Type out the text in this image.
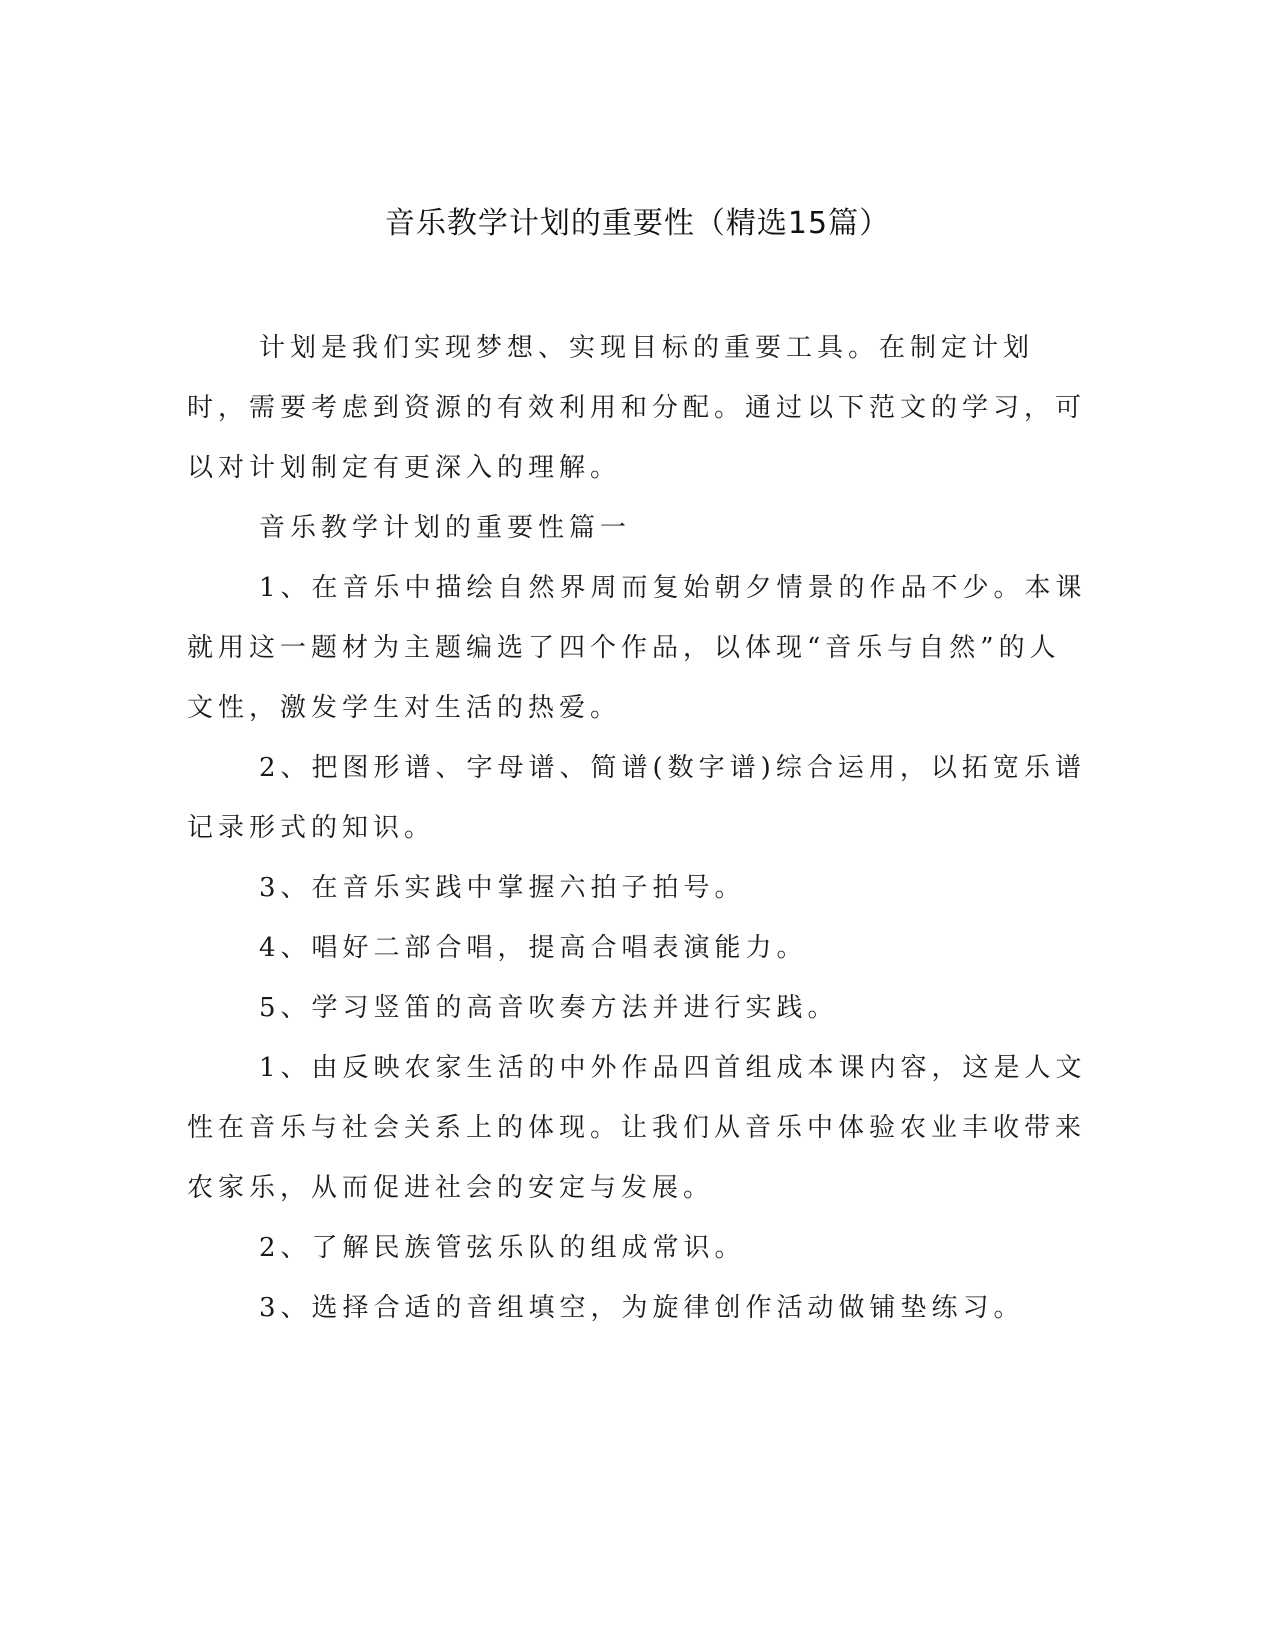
音乐教学计划的重要性（精选15篇）

计划是我们实现梦想、实现目标的重要工具。在制定计划时，需要考虑到资源的有效利用和分配。通过以下范文的学习，可以对计划制定有更深入的理解。

音乐教学计划的重要性篇一

1、在音乐中描绘自然界周而复始朝夕情景的作品不少。本课就用这一题材为主题编选了四个作品，以体现“音乐与自然”的人文性，激发学生对生活的热爱。

2、把图形谱、字母谱、简谱(数字谱)综合运用，以拓宽乐谱记录形式的知识。

3、在音乐实践中掌握六拍子拍号。

4、唱好二部合唱，提高合唱表演能力。

5、学习竖笛的高音吹奏方法并进行实践。

1、由反映农家生活的中外作品四首组成本课内容，这是人文性在音乐与社会关系上的体现。让我们从音乐中体验农业丰收带来农家乐，从而促进社会的安定与发展。

2、了解民族管弦乐队的组成常识。

3、选择合适的音组填空，为旋律创作活动做铺垫练习。
